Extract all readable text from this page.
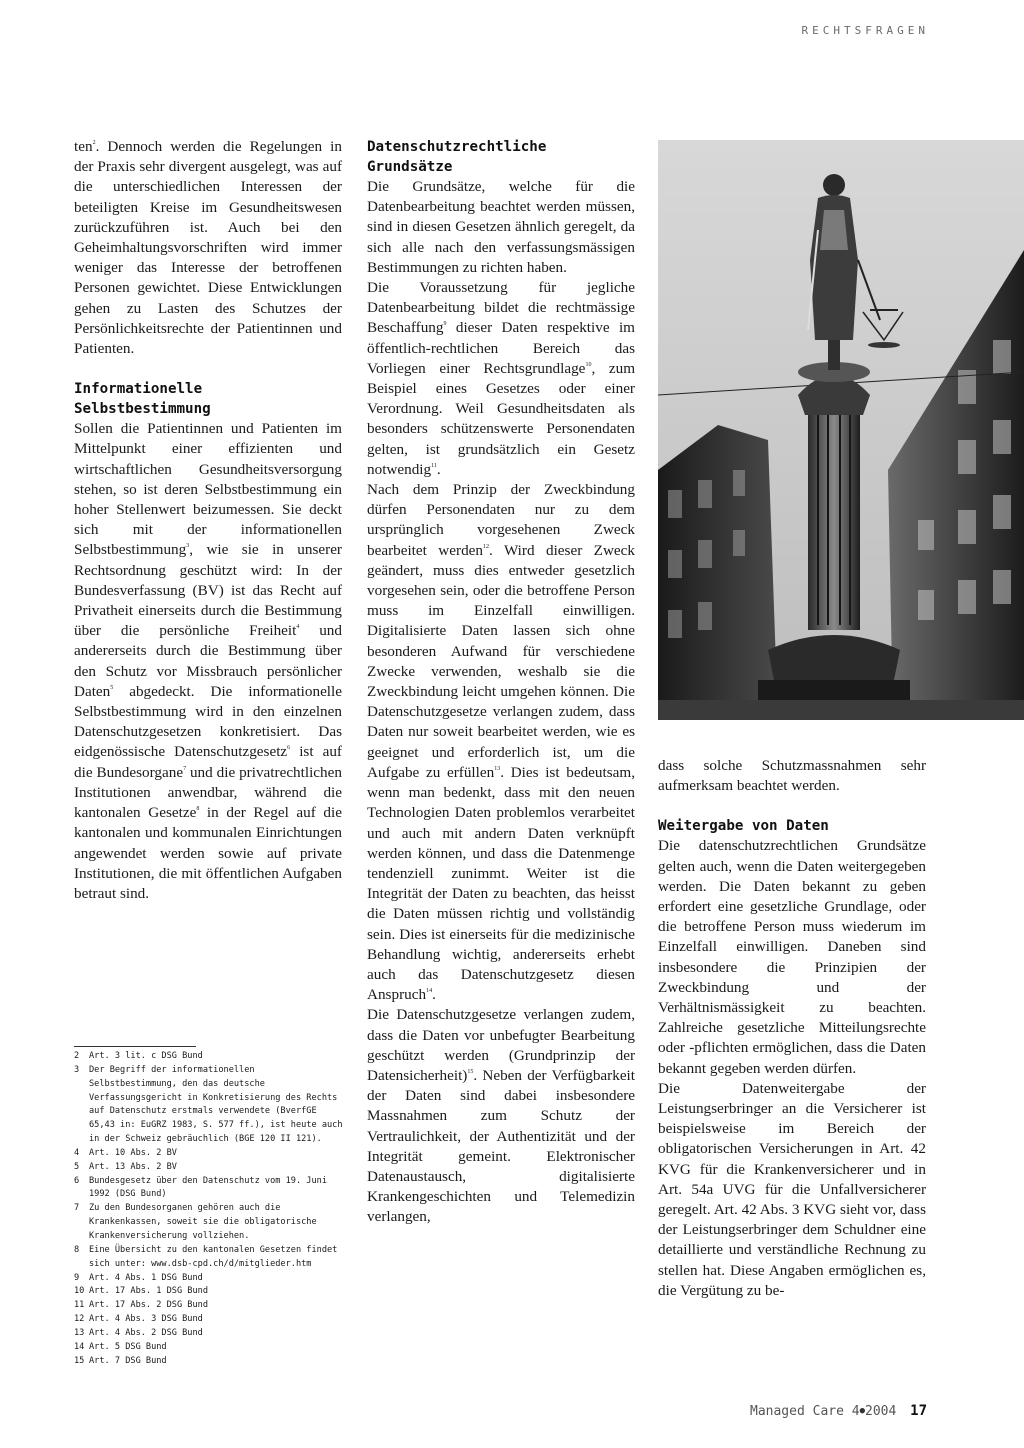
RECHTSFRAGEN

ten$^2$. Dennoch werden die Regelungen in der Praxis sehr divergent ausgelegt, was auf die unterschiedlichen Interessen der beteiligten Kreise im Gesundheitswesen zurückzuführen ist. Auch bei den Geheimhaltungsvorschriften wird immer weniger das Interesse der betroffenen Personen gewichtet. Diese Entwicklungen gehen zu Lasten des Schutzes der Persönlichkeitsrechte der Patientinnen und Patienten.

Informationelle Selbstbestimmung

Sollen die Patientinnen und Patienten im Mittelpunkt einer effizienten und wirtschaftlichen Gesundheitsversorgung stehen, so ist deren Selbstbestimmung ein hoher Stellenwert beizumessen. Sie deckt sich mit der informationellen Selbstbestimmung$^3$, wie sie in unserer Rechtsordnung geschützt wird: In der Bundesverfassung (BV) ist das Recht auf Privatheit einerseits durch die Bestimmung über die persönliche Freiheit$^4$ und andererseits durch die Bestimmung über den Schutz vor Missbrauch persönlicher Daten$^5$ abgedeckt. Die informationelle Selbstbestimmung wird in den einzelnen Datenschutzgesetzen konkretisiert. Das eidgenössische Datenschutzgesetz$^6$ ist auf die Bundesorgane$^7$ und die privatrechtlichen Institutionen anwendbar, während die kantonalen Gesetze$^8$ in der Regel auf die kantonalen und kommunalen Einrichtungen angewendet werden sowie auf private Institutionen, die mit öffentlichen Aufgaben betraut sind.

2	Art. 3 lit. c DSG Bund
3	Der Begriff der informationellen Selbstbestimmung, den das deutsche Verfassungsgericht in Konkretisierung des Rechts auf Datenschutz erstmals verwendete (BverfGE 65,43 in: EuGRZ 1983, S. 577 ff.), ist heute auch in der Schweiz gebräuchlich (BGE 120 II 121).
4	Art. 10 Abs. 2 BV
5	Art. 13 Abs. 2 BV
6	Bundesgesetz über den Datenschutz vom 19. Juni 1992 (DSG Bund)
7	Zu den Bundesorganen gehören auch die Krankenkassen, soweit sie die obligatorische Krankenversicherung vollziehen.
8	Eine Übersicht zu den kantonalen Gesetzen findet sich unter: www.dsb-cpd.ch/d/mitglieder.htm
9	Art. 4 Abs. 1 DSG Bund
10 Art. 17 Abs. 1 DSG Bund
11 Art. 17 Abs. 2 DSG Bund
12 Art. 4 Abs. 3 DSG Bund
13 Art. 4 Abs. 2 DSG Bund
14 Art. 5 DSG Bund
15 Art. 7 DSG Bund
Datenschutzrechtliche Grundsätze

Die Grundsätze, welche für die Datenbearbeitung beachtet werden müssen, sind in diesen Gesetzen ähnlich geregelt, da sich alle nach den verfassungsmässigen Bestimmungen zu richten haben.

Die Voraussetzung für jegliche Datenbearbeitung bildet die rechtmässige Beschaffung$^9$ dieser Daten respektive im öffentlich-rechtlichen Bereich das Vorliegen einer Rechtsgrundlage$^{10}$, zum Beispiel eines Gesetzes oder einer Verordnung. Weil Gesundheitsdaten als besonders schützenswerte Personendaten gelten, ist grundsätzlich ein Gesetz notwendig$^{11}$.

Nach dem Prinzip der Zweckbindung dürfen Personendaten nur zu dem ursprünglich vorgesehenen Zweck bearbeitet werden$^{12}$. Wird dieser Zweck geändert, muss dies entweder gesetzlich vorgesehen sein, oder die betroffene Person muss im Einzelfall einwilligen. Digitalisierte Daten lassen sich ohne besonderen Aufwand für verschiedene Zwecke verwenden, weshalb sie die Zweckbindung leicht umgehen können. Die Datenschutzgesetze verlangen zudem, dass Daten nur soweit bearbeitet werden, wie es geeignet und erforderlich ist, um die Aufgabe zu erfüllen$^{13}$. Dies ist bedeutsam, wenn man bedenkt, dass mit den neuen Technologien Daten problemlos verarbeitet und auch mit andern Daten verknüpft werden können, und dass die Datenmenge tendenziell zunimmt. Weiter ist die Integrität der Daten zu beachten, das heisst die Daten müssen richtig und vollständig sein. Dies ist einerseits für die medizinische Behandlung wichtig, andererseits erhebt auch das Datenschutzgesetz diesen Anspruch$^{14}$.

Die Datenschutzgesetze verlangen zudem, dass die Daten vor unbefugter Bearbeitung geschützt werden (Grundprinzip der Datensicherheit)$^{15}$. Neben der Verfügbarkeit der Daten sind dabei insbesondere Massnahmen zum Schutz der Vertraulichkeit, der Authentizität und der Integrität gemeint. Elektronischer Datenaustausch, digitalisierte Krankengeschichten und Telemedizin verlangen,

dass solche Schutzmassnahmen sehr aufmerksam beachtet werden.

Weitergabe von Daten

Die datenschutzrechtlichen Grundsätze gelten auch, wenn die Daten weitergegeben werden. Die Daten bekannt zu geben erfordert eine gesetzliche Grundlage, oder die betroffene Person muss wiederum im Einzelfall einwilligen. Daneben sind insbesondere die Prinzipien der Zweckbindung und der Verhältnismässigkeit zu beachten. Zahlreiche gesetzliche Mitteilungsrechte oder -pflichten ermöglichen, dass die Daten bekannt gegeben werden dürfen.

Die Datenweitergabe der Leistungserbringer an die Versicherer ist beispielsweise im Bereich der obligatorischen Versicherungen in Art. 42 KVG für die Krankenversicherer und in Art. 54a UVG für die Unfallversicherer geregelt. Art. 42 Abs. 3 KVG sieht vor, dass der Leistungserbringer dem Schuldner eine detaillierte und verständliche Rechnung zu stellen hat. Diese Angaben ermöglichen es, die Vergütung zu be-

Managed Care 4●2004 17
